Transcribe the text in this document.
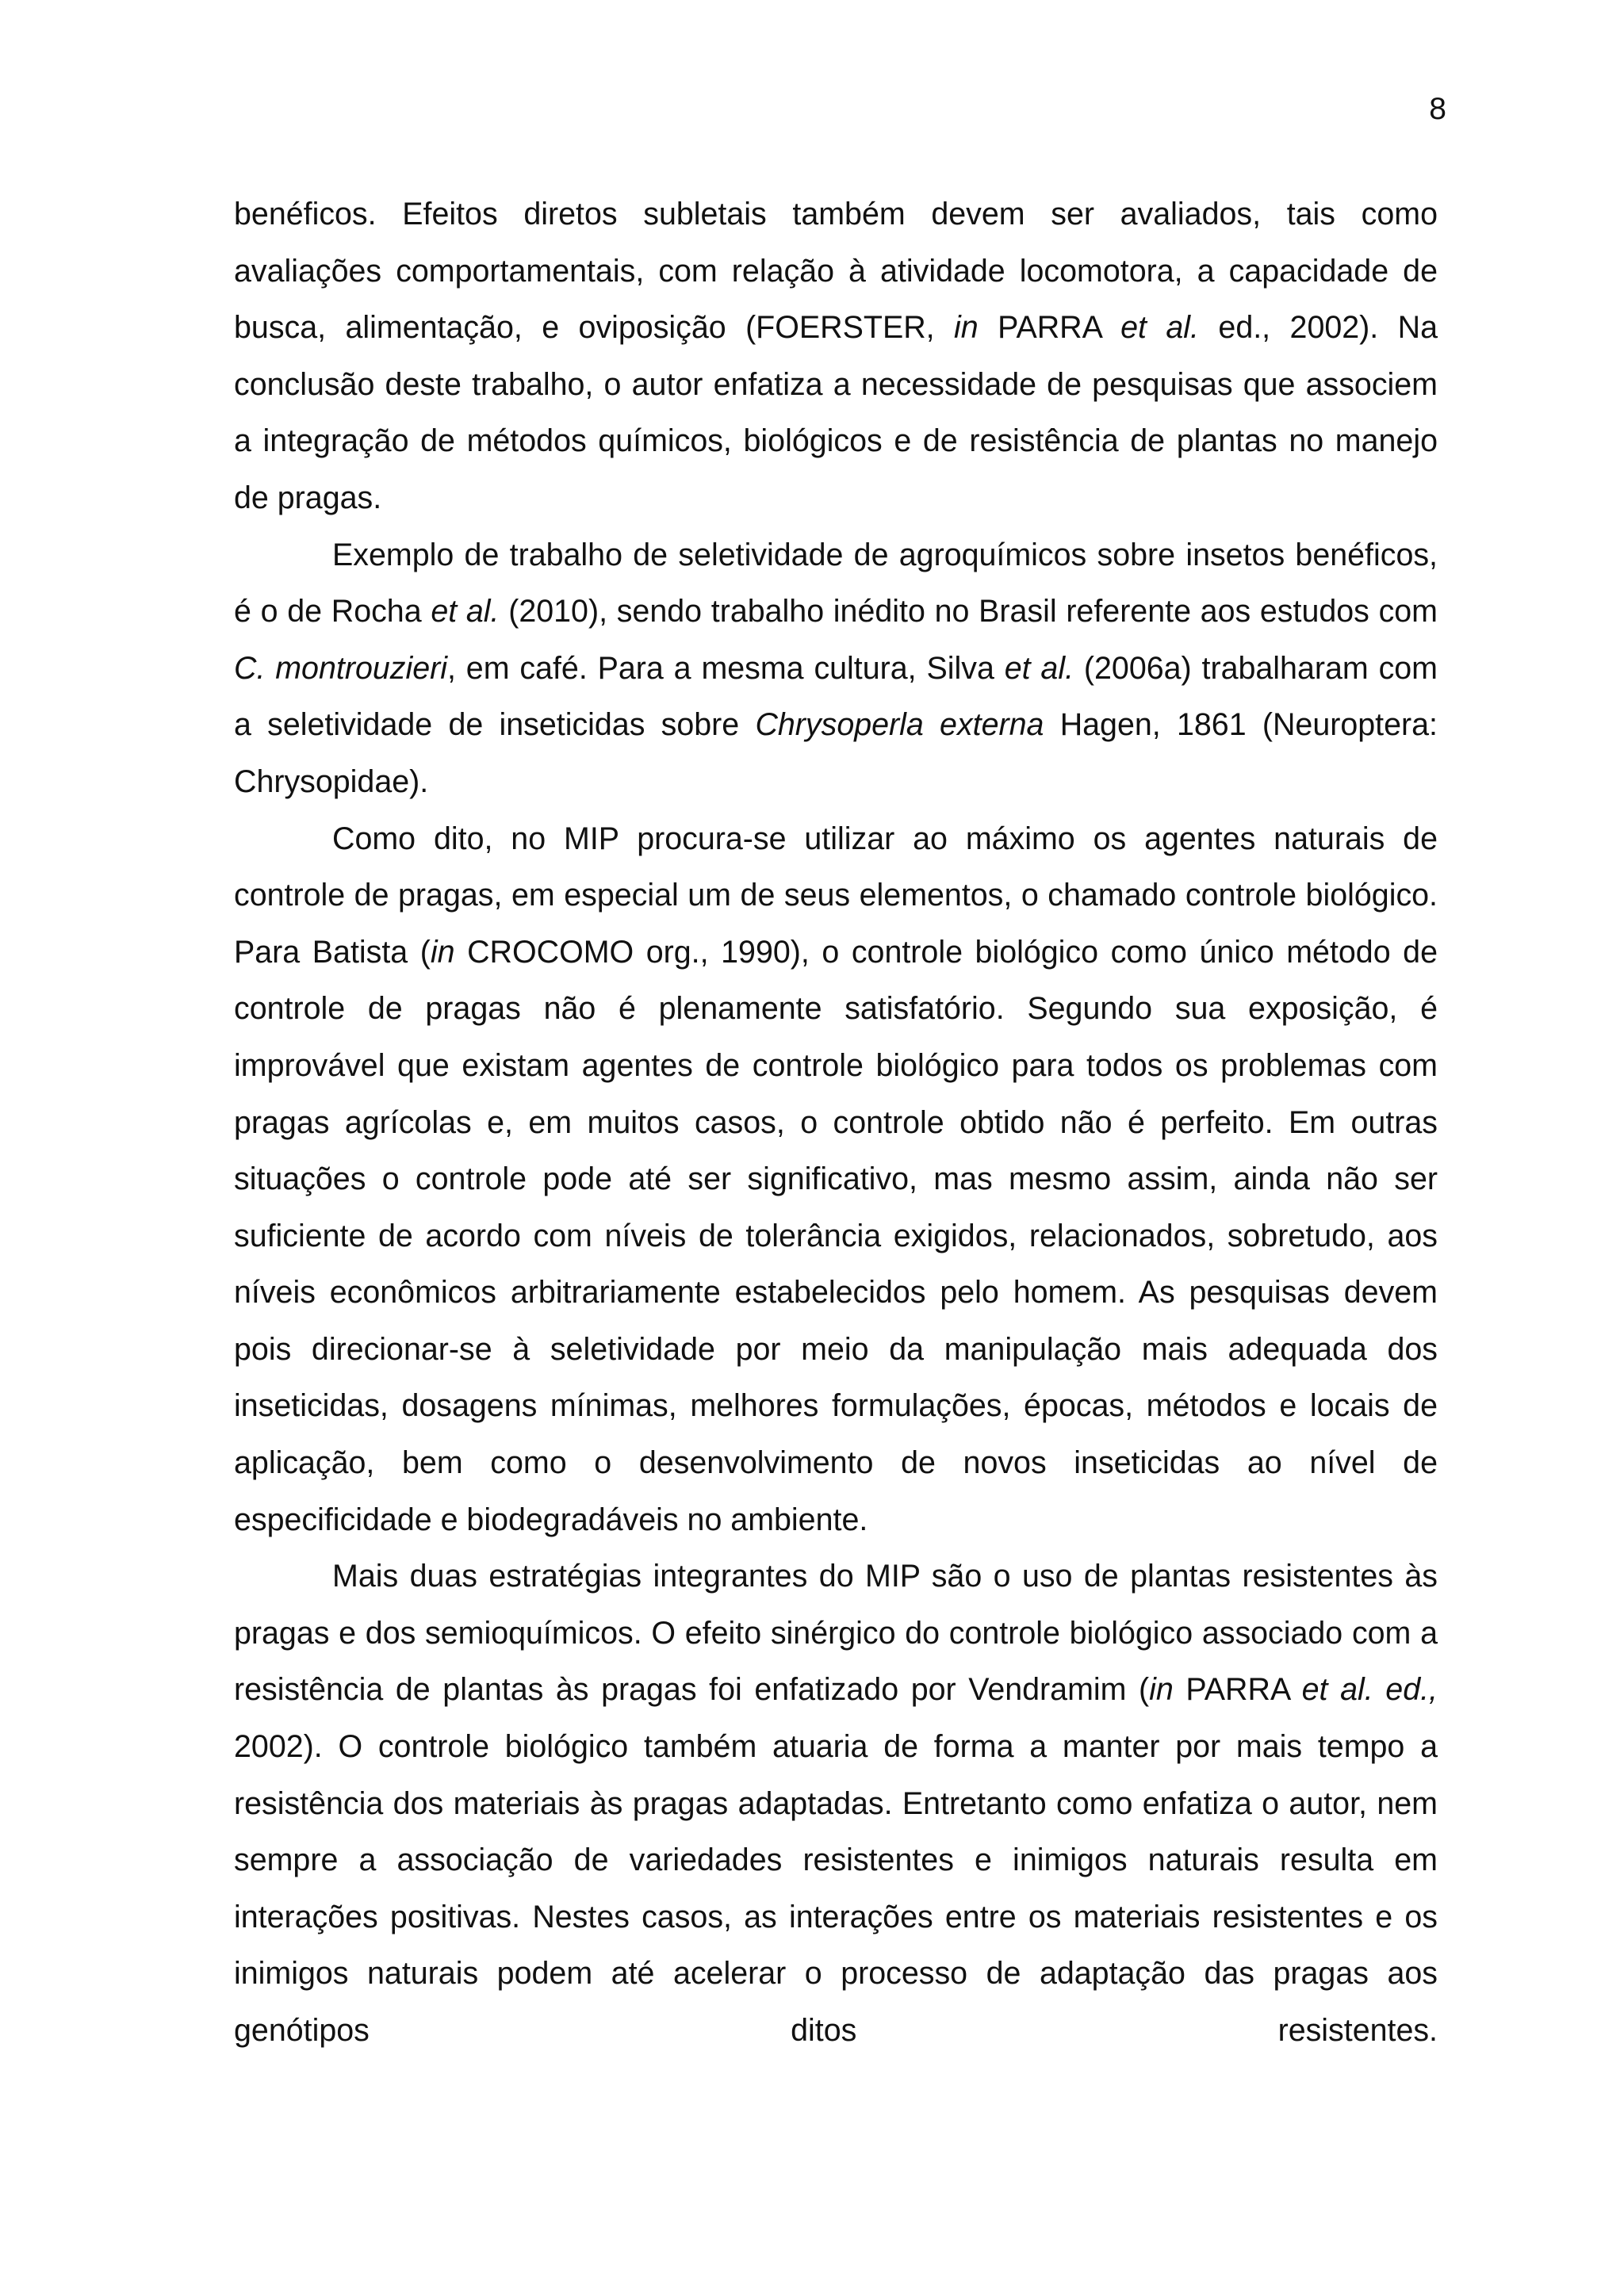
8

benéficos. Efeitos diretos subletais também devem ser avaliados, tais como avaliações comportamentais, com relação à atividade locomotora, a capacidade de busca, alimentação, e oviposição (FOERSTER, in PARRA et al. ed., 2002). Na conclusão deste trabalho, o autor enfatiza a necessidade de pesquisas que associem a integração de métodos químicos, biológicos e de resistência de plantas no manejo de pragas.

Exemplo de trabalho de seletividade de agroquímicos sobre insetos benéficos, é o de Rocha et al. (2010), sendo trabalho inédito no Brasil referente aos estudos com C. montrouzieri, em café. Para a mesma cultura, Silva et al. (2006a) trabalharam com a seletividade de inseticidas sobre Chrysoperla externa Hagen, 1861 (Neuroptera: Chrysopidae).

Como dito, no MIP procura-se utilizar ao máximo os agentes naturais de controle de pragas, em especial um de seus elementos, o chamado controle biológico. Para Batista (in CROCOMO org., 1990), o controle biológico como único método de controle de pragas não é plenamente satisfatório. Segundo sua exposição, é improvável que existam agentes de controle biológico para todos os problemas com pragas agrícolas e, em muitos casos, o controle obtido não é perfeito. Em outras situações o controle pode até ser significativo, mas mesmo assim, ainda não ser suficiente de acordo com níveis de tolerância exigidos, relacionados, sobretudo, aos níveis econômicos arbitrariamente estabelecidos pelo homem. As pesquisas devem pois direcionar-se à seletividade por meio da manipulação mais adequada dos inseticidas, dosagens mínimas, melhores formulações, épocas, métodos e locais de aplicação, bem como o desenvolvimento de novos inseticidas ao nível de especificidade e biodegradáveis no ambiente.

Mais duas estratégias integrantes do MIP são o uso de plantas resistentes às pragas e dos semioquímicos. O efeito sinérgico do controle biológico associado com a resistência de plantas às pragas foi enfatizado por Vendramim (in PARRA et al. ed., 2002). O controle biológico também atuaria de forma a manter por mais tempo a resistência dos materiais às pragas adaptadas. Entretanto como enfatiza o autor, nem sempre a associação de variedades resistentes e inimigos naturais resulta em interações positivas. Nestes casos, as interações entre os materiais resistentes e os inimigos naturais podem até acelerar o processo de adaptação das pragas aos genótipos ditos resistentes.
